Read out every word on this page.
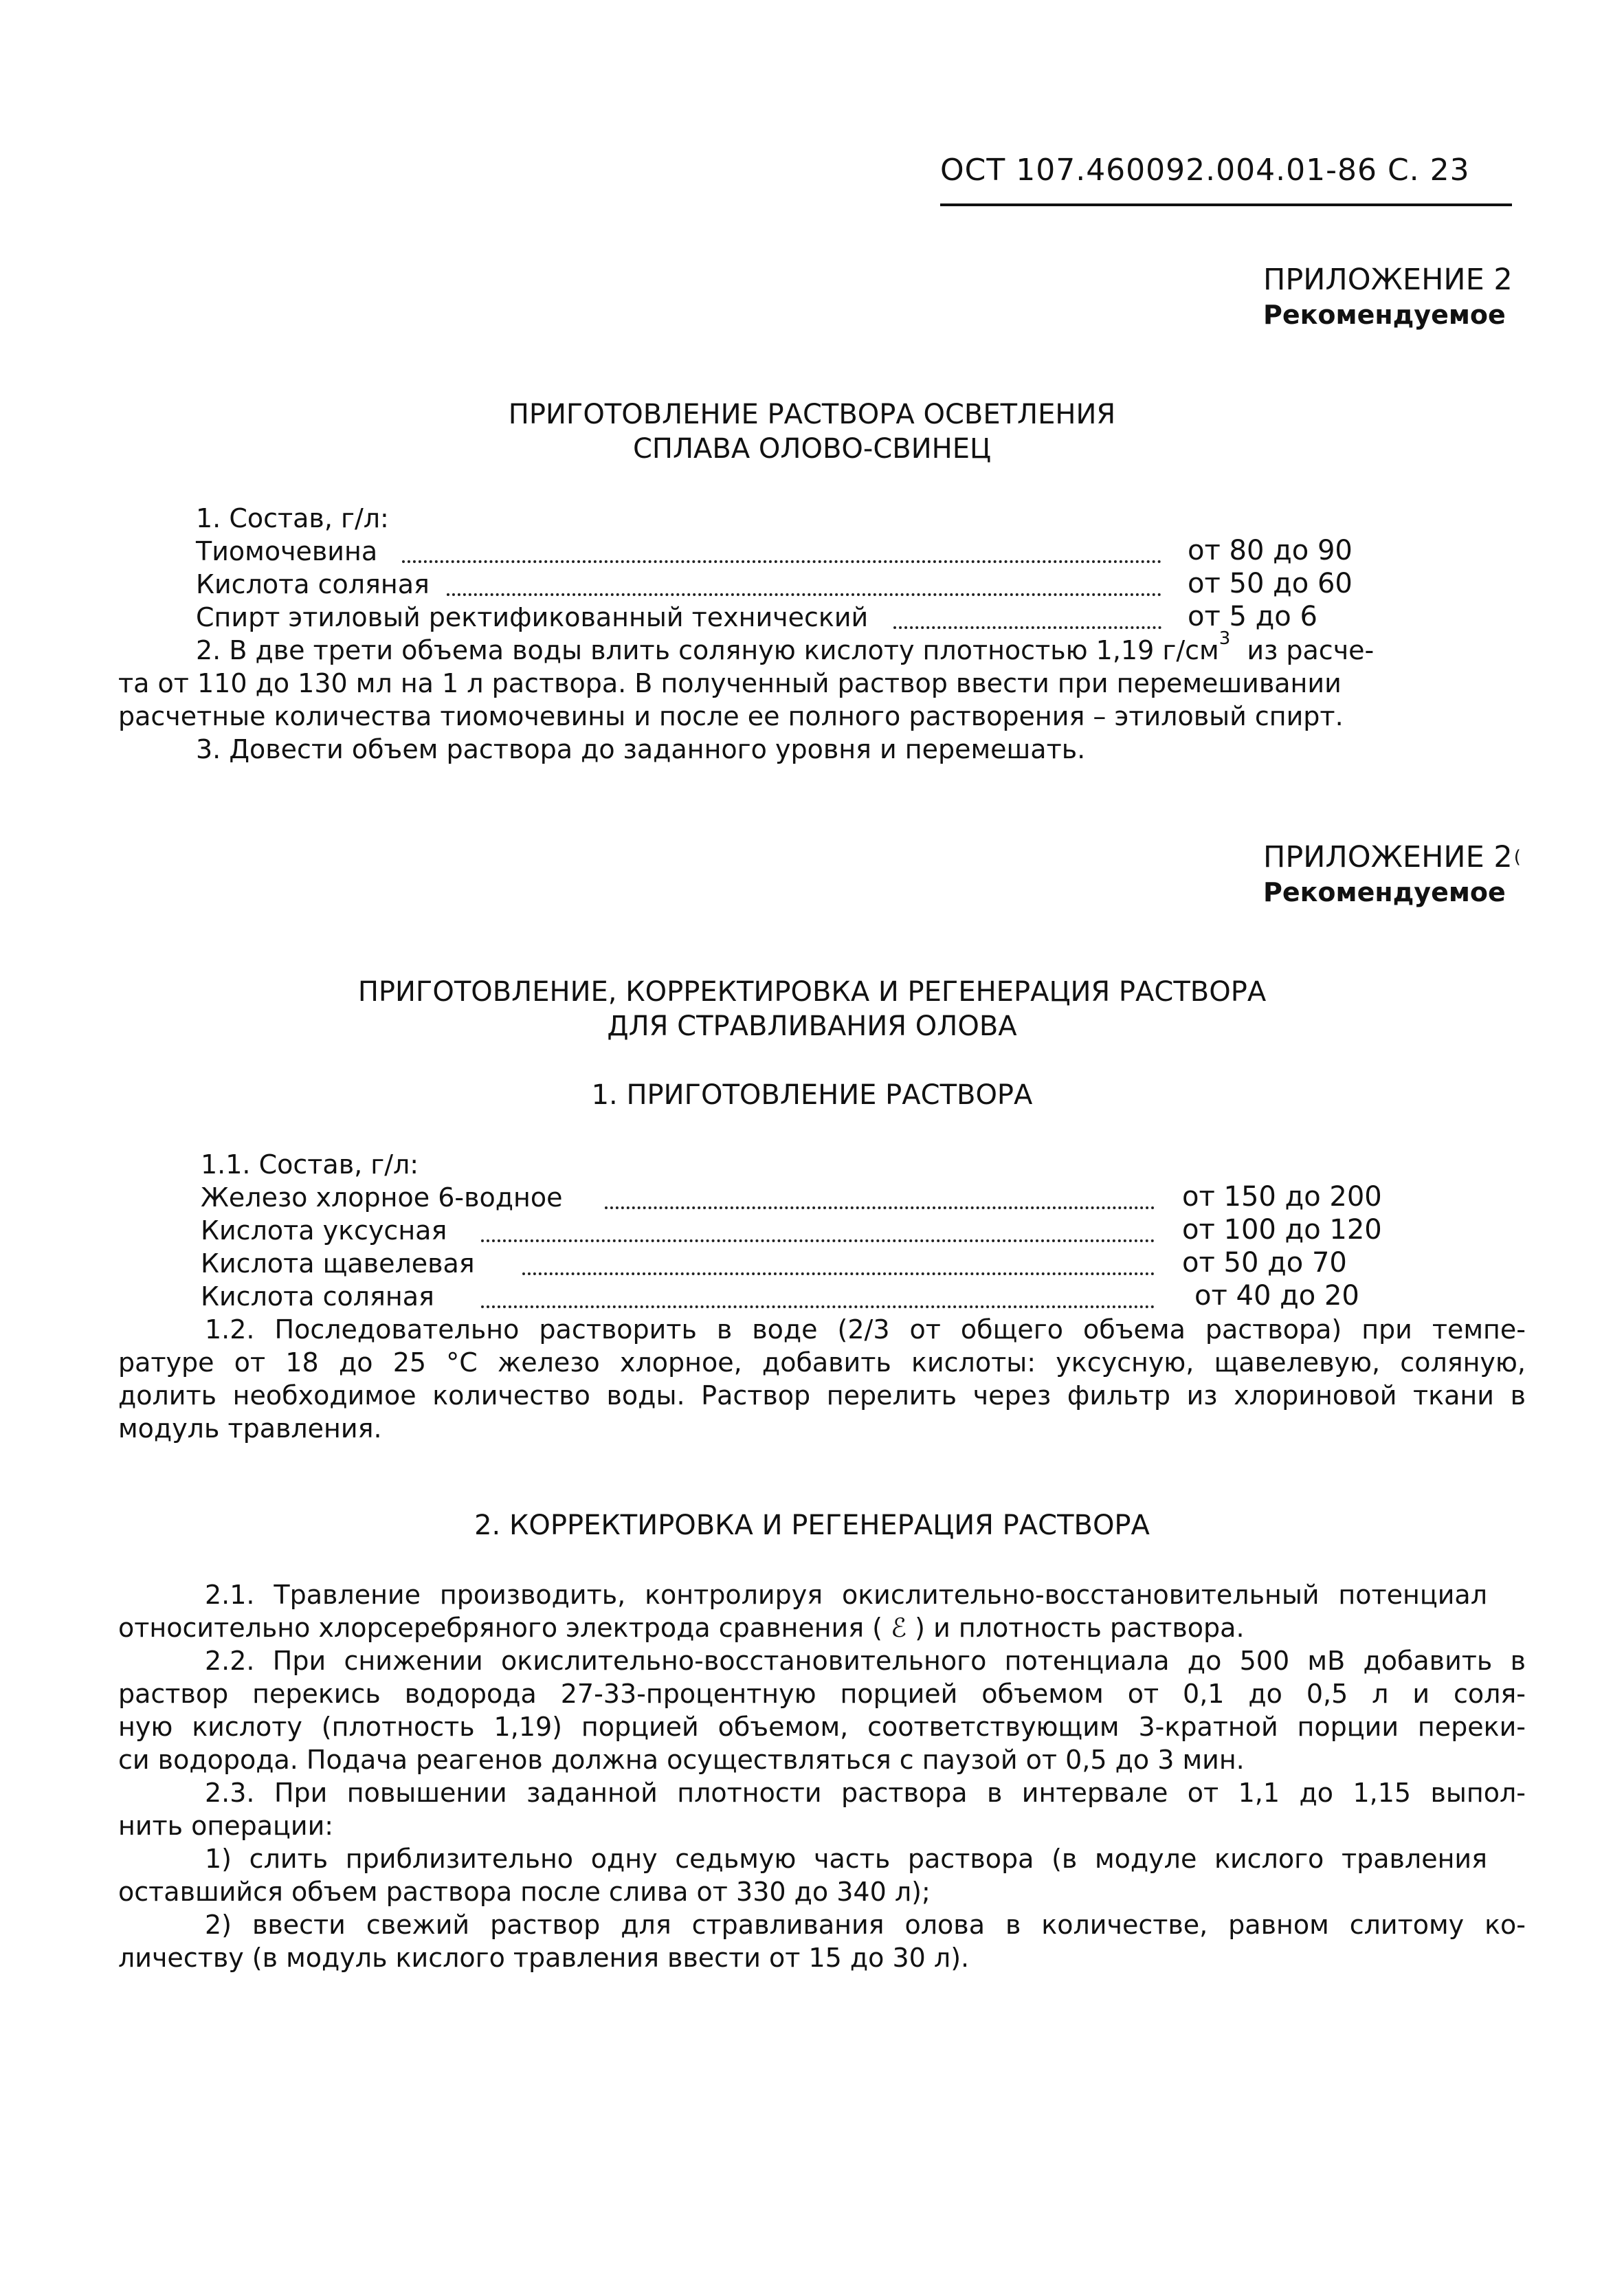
ОСТ 107.460092.004.01-86 С. 23
ПРИЛОЖЕНИЕ 2
Рекомендуемое
ПРИГОТОВЛЕНИЕ РАСТВОРА ОСВЕТЛЕНИЯ
СПЛАВА ОЛОВО-СВИНЕЦ
1. Состав, г/л:
Тиомочевина	от 80 до 90
Кислота соляная	от 50 до 60
Спирт этиловый ректификованный технический	от 5 до 6
2. В две трети объема воды влить соляную кислоту плотностью 1,19 $г/см^3$ из расче-
та от 110 до 130 мл на 1 л раствора. В полученный раствор ввести при перемешивании
расчетные количества тиомочевины и после ее полного растворения – этиловый спирт.
3. Довести объем раствора до заданного уровня и перемешать.
ПРИЛОЖЕНИЕ 2(
Рекомендуемое
ПРИГОТОВЛЕНИЕ, КОРРЕКТИРОВКА И РЕГЕНЕРАЦИЯ РАСТВОРА
ДЛЯ СТРАВЛИВАНИЯ ОЛОВА
1. ПРИГОТОВЛЕНИЕ РАСТВОРА
1.1. Состав, г/л:
Железо хлорное 6-водное	от 150 до 200
Кислота уксусная	от 100 до 120
Кислота щавелевая	от 50 до 70
Кислота соляная	от 40 до 20
1.2. Последовательно растворить в воде (2/3 от общего объема раствора) при темпе-
ратуре от 18 до 25 °С железо хлорное, добавить кислоты: уксусную, щавелевую, соляную,
долить необходимое количество воды. Раствор перелить через фильтр из хлориновой ткани в
модуль травления.
2. КОРРЕКТИРОВКА И РЕГЕНЕРАЦИЯ РАСТВОРА
2.1. Травление производить, контролируя окислительно-восстановительный потенциал
относительно хлорсеребряного электрода сравнения ( ℰ ) и плотность раствора.
2.2. При снижении окислительно-восстановительного потенциала до 500 мВ добавить в
раствор перекись водорода 27-33-процентную порцией объемом от 0,1 до 0,5 л и соля-
ную кислоту (плотность 1,19) порцией объемом, соответствующим 3-кратной порции переки-
си водорода. Подача реагенов должна осуществляться с паузой от 0,5 до 3 мин.
2.3. При повышении заданной плотности раствора в интервале от 1,1 до 1,15 выпол-
нить операции:
1) слить приблизительно одну седьмую часть раствора (в модуле кислого травления
оставшийся объем раствора после слива от 330 до 340 л);
2) ввести свежий раствор для стравливания олова в количестве, равном слитому ко-
личеству (в модуль кислого травления ввести от 15 до 30 л).
